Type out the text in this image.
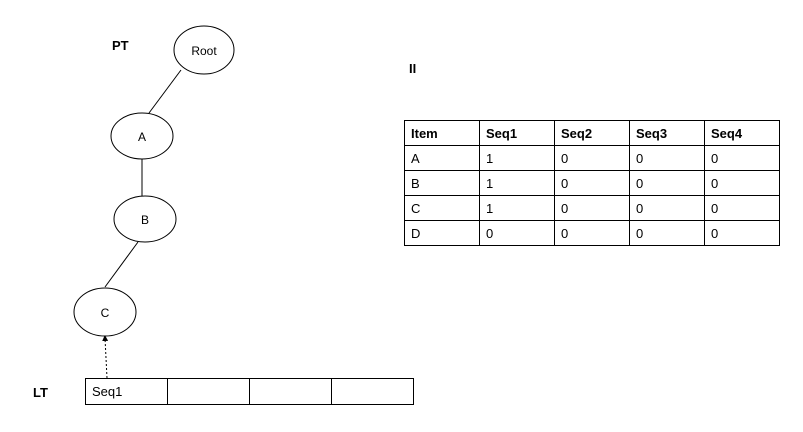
PT
II
LT
Root
A
B
C
Item	Seq1	Seq2	Seq3	Seq4
A	1	0	0	0
B	1	0	0	0
C	1	0	0	0
D	0	0	0	0
Seq1			
